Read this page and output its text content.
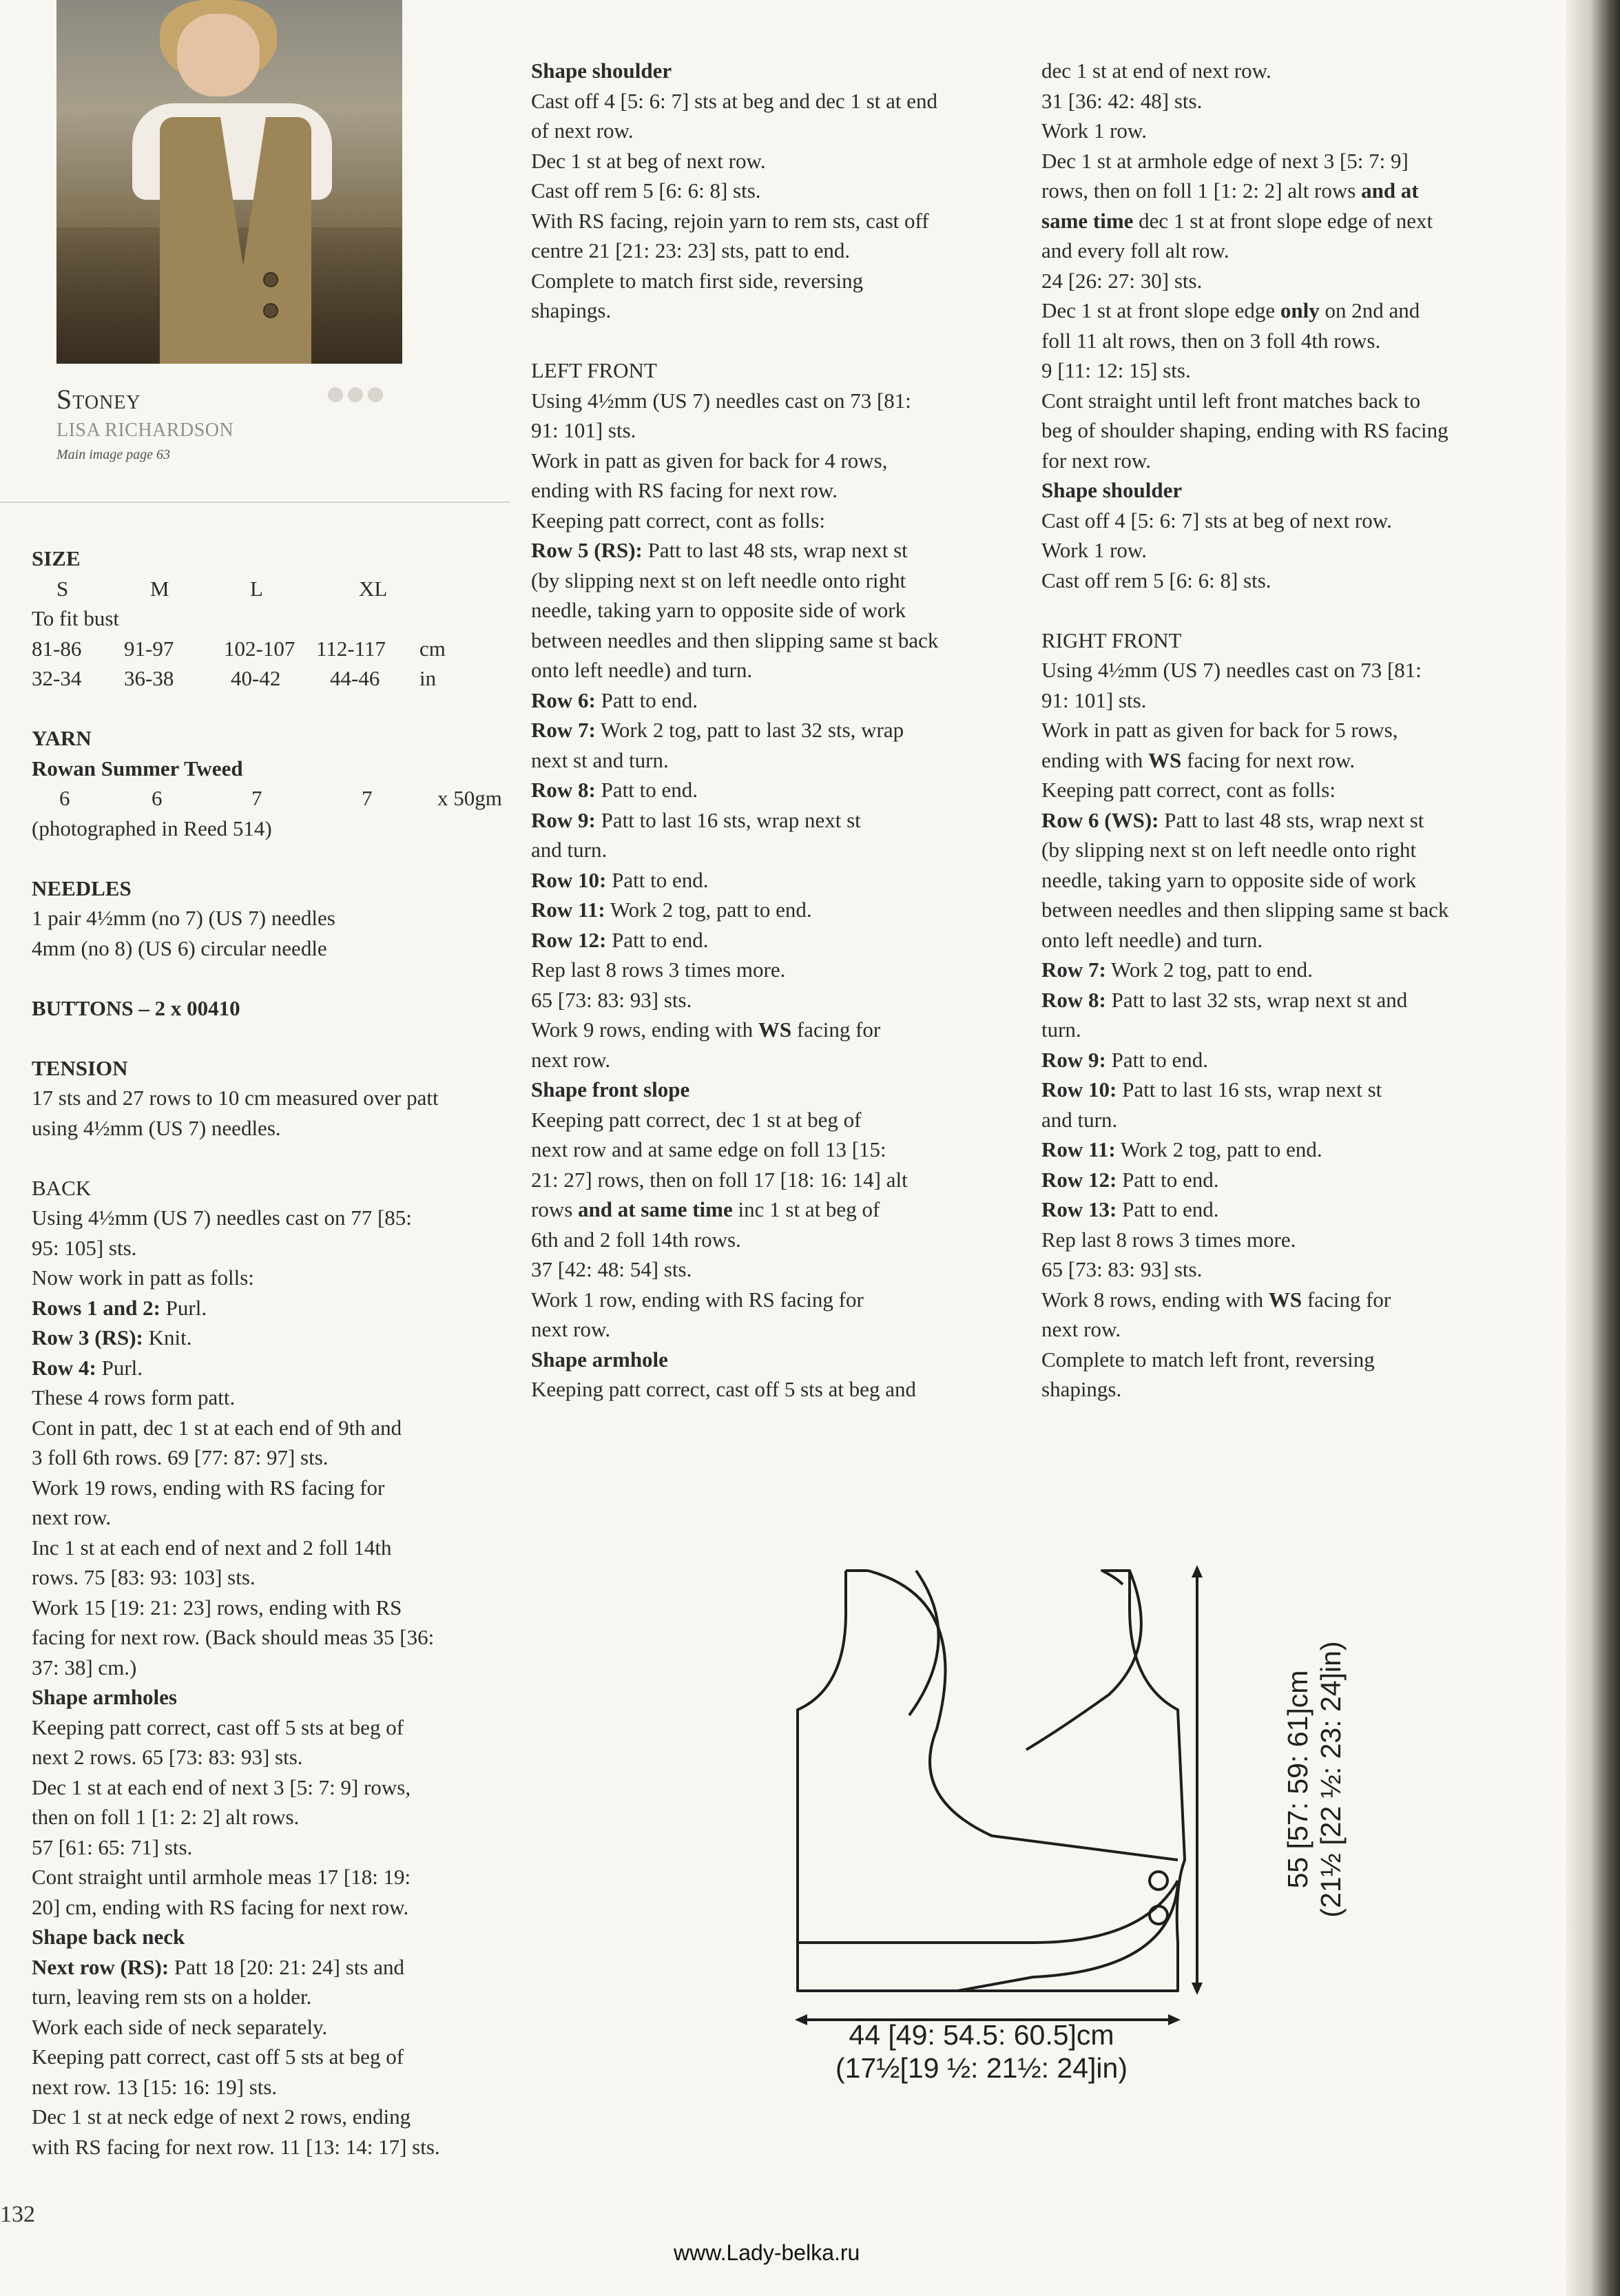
Stoney
LISA RICHARDSON
Main image page 63

SIZE

S	M	L	XL

To fit bust

81-86	91-97	102-107 112-117	cm
32-34	36-38	40-42	44-46	in

YARN

Rowan Summer Tweed

6	6	7	7	x 50gm

(photographed in Reed 514)

NEEDLES

1 pair 4½mm (no 7) (US 7) needles

4mm (no 8) (US 6) circular needle

BUTTONS – 2 x 00410

TENSION

17 sts and 27 rows to 10 cm measured over patt

using 4½mm (US 7) needles.

BACK

Using 4½mm (US 7) needles cast on 77 [85:

95: 105] sts.

Now work in patt as folls:

Rows 1 and 2: Purl.

Row 3 (RS): Knit.

Row 4: Purl.

These 4 rows form patt.

Cont in patt, dec 1 st at each end of 9th and

3 foll 6th rows. 69 [77: 87: 97] sts.

Work 19 rows, ending with RS facing for

next row.

Inc 1 st at each end of next and 2 foll 14th

rows. 75 [83: 93: 103] sts.

Work 15 [19: 21: 23] rows, ending with RS

facing for next row. (Back should meas 35 [36:

37: 38] cm.)

Shape armholes

Keeping patt correct, cast off 5 sts at beg of

next 2 rows. 65 [73: 83: 93] sts.

Dec 1 st at each end of next 3 [5: 7: 9] rows,

then on foll 1 [1: 2: 2] alt rows.

57 [61: 65: 71] sts.

Cont straight until armhole meas 17 [18: 19:

20] cm, ending with RS facing for next row.

Shape back neck

Next row (RS): Patt 18 [20: 21: 24] sts and

turn, leaving rem sts on a holder.

Work each side of neck separately.

Keeping patt correct, cast off 5 sts at beg of

next row. 13 [15: 16: 19] sts.

Dec 1 st at neck edge of next 2 rows, ending

with RS facing for next row. 11 [13: 14: 17] sts.

Shape shoulder

Cast off 4 [5: 6: 7] sts at beg and dec 1 st at end

of next row.

Dec 1 st at beg of next row.

Cast off rem 5 [6: 6: 8] sts.

With RS facing, rejoin yarn to rem sts, cast off

centre 21 [21: 23: 23] sts, patt to end.

Complete to match first side, reversing

shapings.

LEFT FRONT

Using 4½mm (US 7) needles cast on 73 [81:

91: 101] sts.

Work in patt as given for back for 4 rows,

ending with RS facing for next row.

Keeping patt correct, cont as folls:

Row 5 (RS): Patt to last 48 sts, wrap next st

(by slipping next st on left needle onto right

needle, taking yarn to opposite side of work

between needles and then slipping same st back

onto left needle) and turn.

Row 6: Patt to end.

Row 7: Work 2 tog, patt to last 32 sts, wrap

next st and turn.

Row 8: Patt to end.

Row 9: Patt to last 16 sts, wrap next st

and turn.

Row 10: Patt to end.

Row 11: Work 2 tog, patt to end.

Row 12: Patt to end.

Rep last 8 rows 3 times more.

65 [73: 83: 93] sts.

Work 9 rows, ending with WS facing for

next row.

Shape front slope

Keeping patt correct, dec 1 st at beg of

next row and at same edge on foll 13 [15:

21: 27] rows, then on foll 17 [18: 16: 14] alt

rows and at same time inc 1 st at beg of

6th and 2 foll 14th rows.

37 [42: 48: 54] sts.

Work 1 row, ending with RS facing for

next row.

Shape armhole

Keeping patt correct, cast off 5 sts at beg and

dec 1 st at end of next row.

31 [36: 42: 48] sts.

Work 1 row.

Dec 1 st at armhole edge of next 3 [5: 7: 9]

rows, then on foll 1 [1: 2: 2] alt rows and at

same time dec 1 st at front slope edge of next

and every foll alt row.

24 [26: 27: 30] sts.

Dec 1 st at front slope edge only on 2nd and

foll 11 alt rows, then on 3 foll 4th rows.

9 [11: 12: 15] sts.

Cont straight until left front matches back to

beg of shoulder shaping, ending with RS facing

for next row.

Shape shoulder

Cast off 4 [5: 6: 7] sts at beg of next row.

Work 1 row.

Cast off rem 5 [6: 6: 8] sts.

RIGHT FRONT

Using 4½mm (US 7) needles cast on 73 [81:

91: 101] sts.

Work in patt as given for back for 5 rows,

ending with WS facing for next row.

Keeping patt correct, cont as folls:

Row 6 (WS): Patt to last 48 sts, wrap next st

(by slipping next st on left needle onto right

needle, taking yarn to opposite side of work

between needles and then slipping same st back

onto left needle) and turn.

Row 7: Work 2 tog, patt to end.

Row 8: Patt to last 32 sts, wrap next st and

turn.

Row 9: Patt to end.

Row 10: Patt to last 16 sts, wrap next st

and turn.

Row 11: Work 2 tog, patt to end.

Row 12: Patt to end.

Row 13: Patt to end.

Rep last 8 rows 3 times more.

65 [73: 83: 93] sts.

Work 8 rows, ending with WS facing for

next row.

Complete to match left front, reversing

shapings.

44 [49: 54.5: 60.5]cm
(17½[19 ½: 21½: 24]in)
55 [57: 59: 61]cm (21½ [22 ½: 23: 24]in)
132
www.Lady-belka.ru
